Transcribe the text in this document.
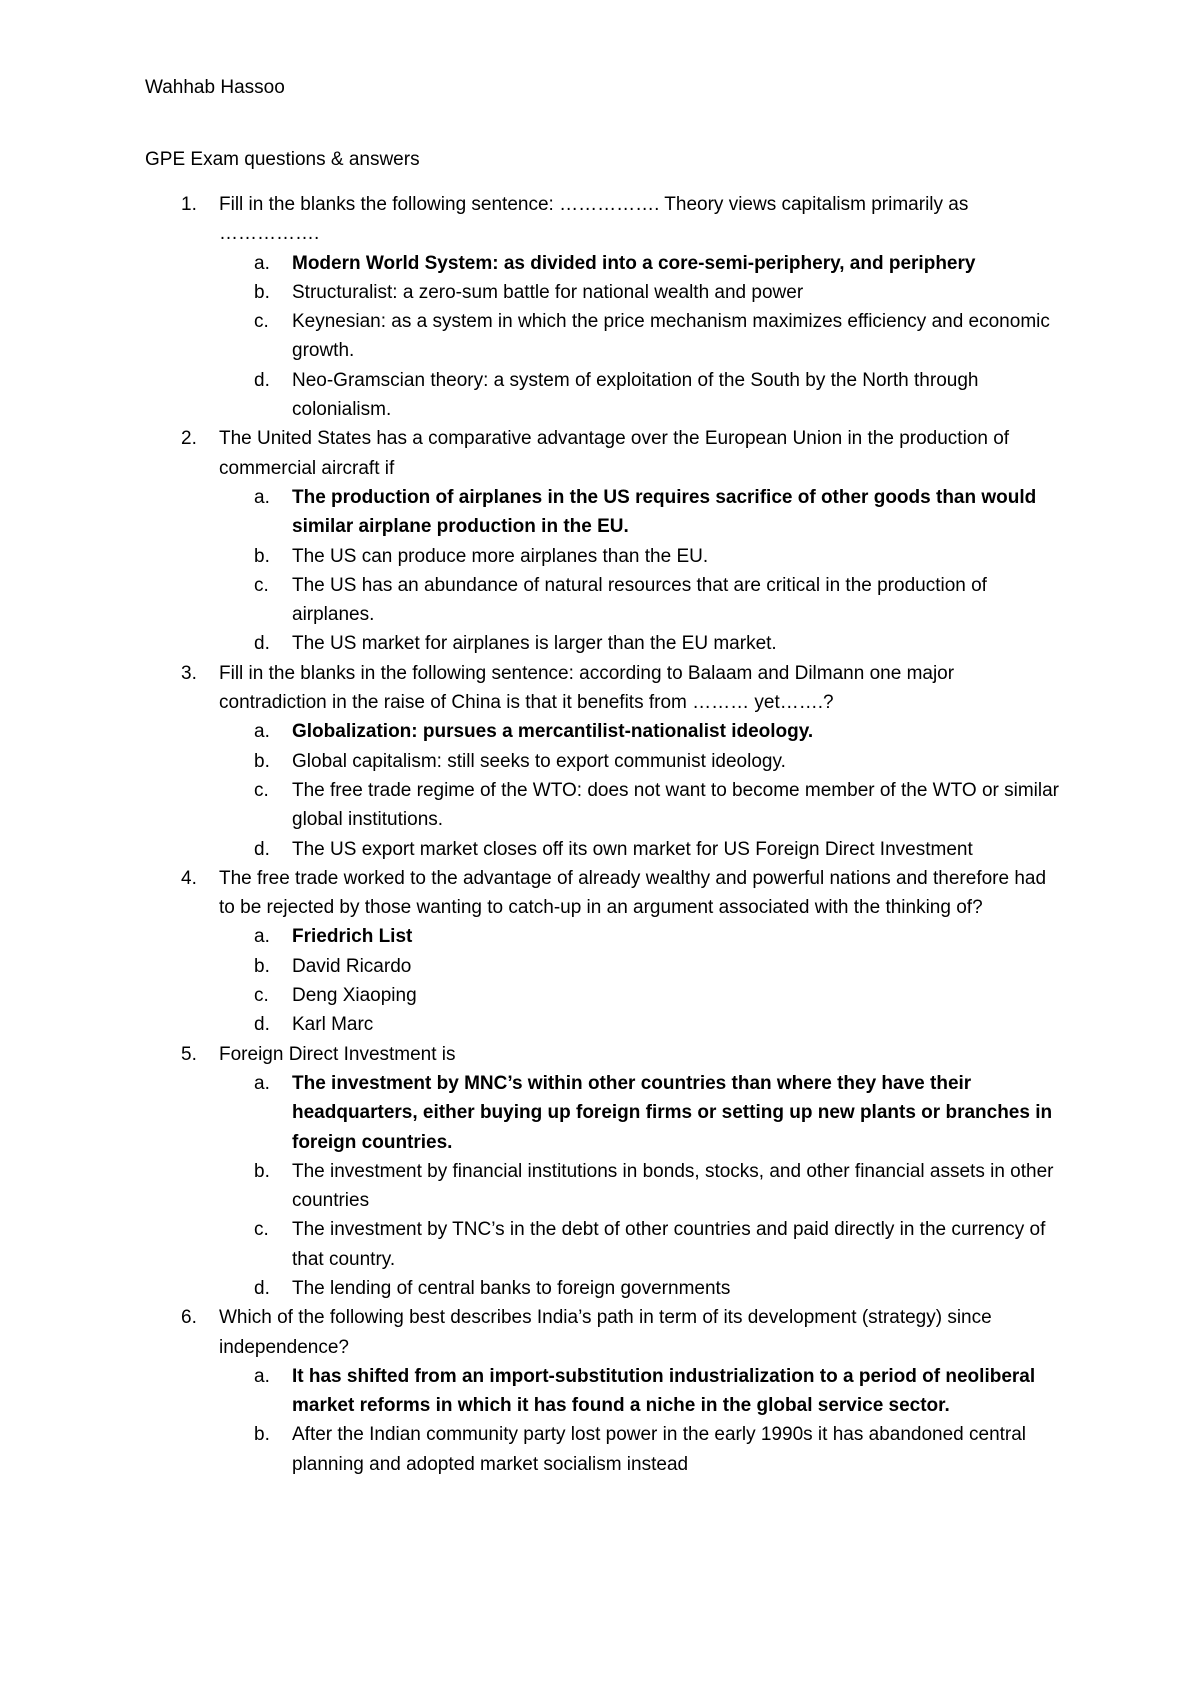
Wahhab Hassoo
GPE Exam questions & answers
1. Fill in the blanks the following sentence: ……………. Theory views capitalism primarily as …………….
a. Modern World System: as divided into a core-semi-periphery, and periphery
b. Structuralist: a zero-sum battle for national wealth and power
c. Keynesian: as a system in which the price mechanism maximizes efficiency and economic growth.
d. Neo-Gramscian theory: a system of exploitation of the South by the North through colonialism.
2. The United States has a comparative advantage over the European Union in the production of commercial aircraft if
a. The production of airplanes in the US requires sacrifice of other goods than would similar airplane production in the EU.
b. The US can produce more airplanes than the EU.
c. The US has an abundance of natural resources that are critical in the production of airplanes.
d. The US market for airplanes is larger than the EU market.
3. Fill in the blanks in the following sentence: according to Balaam and Dilmann one major contradiction in the raise of China is that it benefits from ……… yet…….?
a. Globalization: pursues a mercantilist-nationalist ideology.
b. Global capitalism: still seeks to export communist ideology.
c. The free trade regime of the WTO: does not want to become member of the WTO or similar global institutions.
d. The US export market closes off its own market for US Foreign Direct Investment
4. The free trade worked to the advantage of already wealthy and powerful nations and therefore had to be rejected by those wanting to catch-up in an argument associated with the thinking of?
a. Friedrich List
b. David Ricardo
c. Deng Xiaoping
d. Karl Marc
5. Foreign Direct Investment is
a. The investment by MNC’s within other countries than where they have their headquarters, either buying up foreign firms or setting up new plants or branches in foreign countries.
b. The investment by financial institutions in bonds, stocks, and other financial assets in other countries
c. The investment by TNC’s in the debt of other countries and paid directly in the currency of that country.
d. The lending of central banks to foreign governments
6. Which of the following best describes India’s path in term of its development (strategy) since independence?
a. It has shifted from an import-substitution industrialization to a period of neoliberal market reforms in which it has found a niche in the global service sector.
b. After the Indian community party lost power in the early 1990s it has abandoned central planning and adopted market socialism instead
